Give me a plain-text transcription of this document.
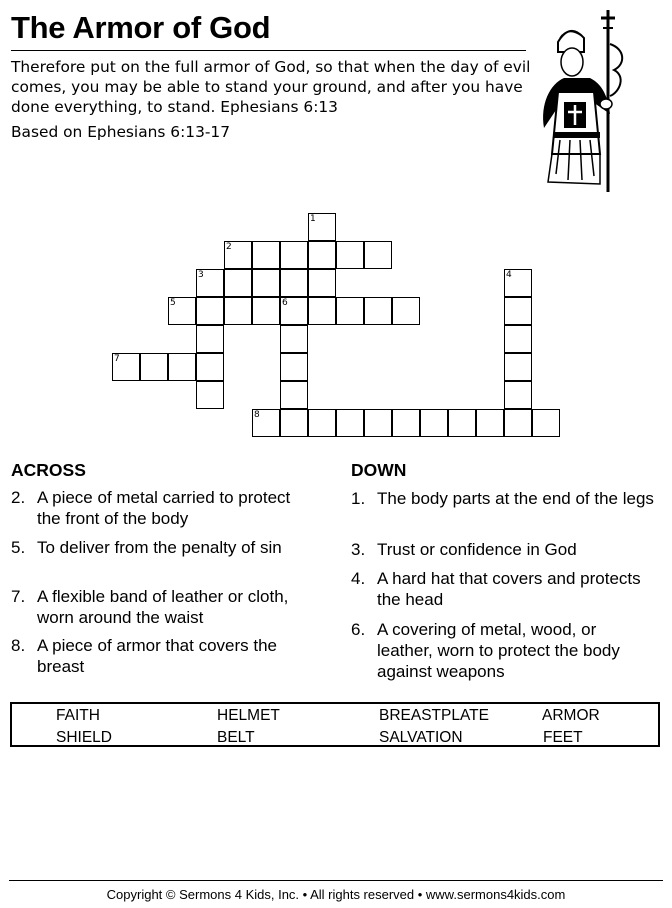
The Armor of God

Therefore put on the full armor of God, so that when the day of evil comes, you may be able to stand your ground, and after you have done everything, to stand. Ephesians 6:13

Based on Ephesians 6:13-17

1
2
3	4
5	6
7
8
ACROSS	DOWN
2. A piece of metal carried to protect the front of the body
5. To deliver from the penalty of sin
7. A flexible band of leather or cloth, worn around the waist
8. A piece of armor that covers the breast
1. The body parts at the end of the legs
3. Trust or confidence in God
4. A hard hat that covers and protects the head
6. A covering of metal, wood, or leather, worn to protect the body against weapons
FAITH	HELMET	BREASTPLATE	ARMOR
SHIELD	BELT	SALVATION	FEET

Copyright © Sermons 4 Kids, Inc. • All rights reserved • www.sermons4kids.com
